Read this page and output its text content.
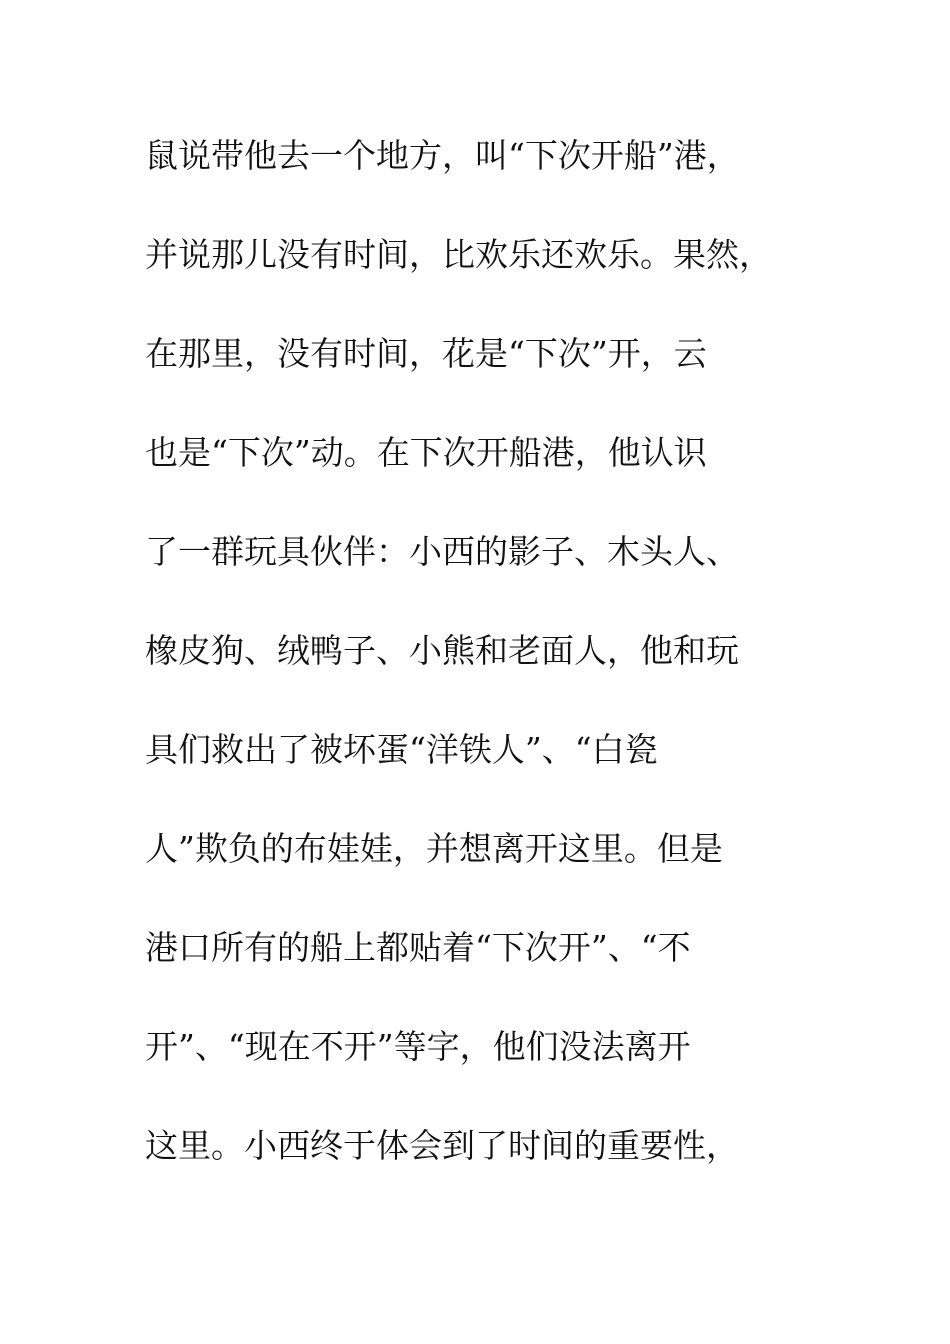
鼠说带他去一个地方，叫“下次开船”港，
并说那儿没有时间，比欢乐还欢乐。果然，
在那里，没有时间，花是“下次”开，云
也是“下次”动。在下次开船港，他认识
了一群玩具伙伴：小西的影子、木头人、
橡皮狗、绒鸭子、小熊和老面人，他和玩
具们救出了被坏蛋“洋铁人”、“白瓷
人”欺负的布娃娃，并想离开这里。但是
港口所有的船上都贴着“下次开”、“不
开”、“现在不开”等字，他们没法离开
这里。小西终于体会到了时间的重要性，
